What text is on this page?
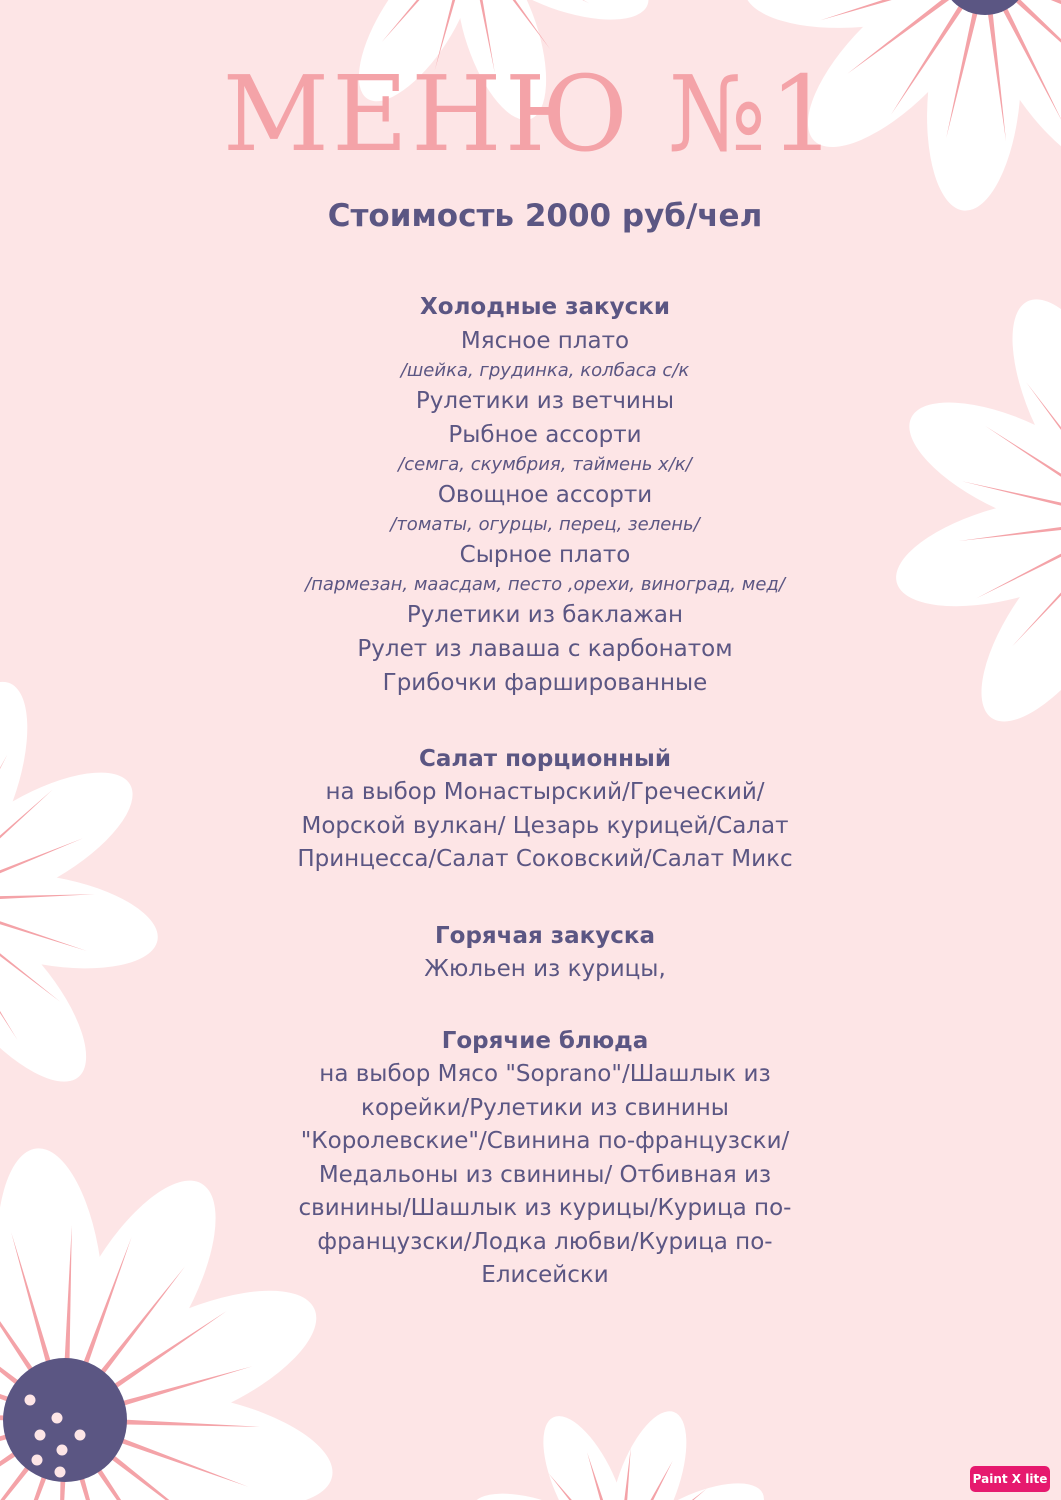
МЕНЮ №1
Стоимость 2000 руб/чел
Холодные закуски
Мясное плато
/шейка, грудинка, колбаса с/к
Рулетики из ветчины
Рыбное ассорти
/семга, скумбрия, таймень х/к/
Овощное ассорти
/томаты, огурцы, перец, зелень/
Сырное плато
/пармезан, маасдам, песто ,орехи, виноград, мед/
Рулетики из баклажан
Рулет из лаваша с карбонатом
Грибочки фаршированные
Салат порционный
на выбор Монастырский/Греческий/
Морской вулкан/ Цезарь курицей/Салат
Принцесса/Салат Соковский/Салат Микс
Горячая закуска
Жюльен из курицы,
Горячие блюда
на выбор Мясо "Soprano"/Шашлык из
корейки/Рулетики из свинины
"Королевские"/Свинина по-французски/
Медальоны из свинины/ Отбивная из
свинины/Шашлык из курицы/Курица по-
французски/Лодка любви/Курица по-
Елисейски
Paint X lite
